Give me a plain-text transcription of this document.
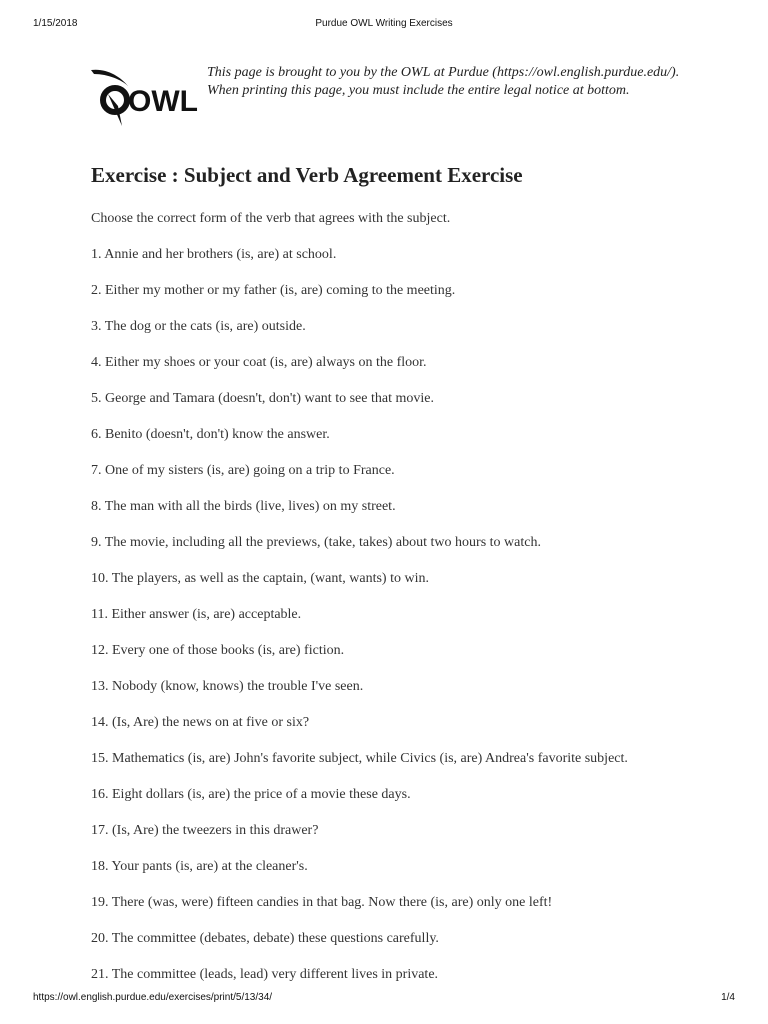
1/15/2018	Purdue OWL Writing Exercises
OWL
This page is brought to you by the OWL at Purdue (https://owl.english.purdue.edu/). When printing this page, you must include the entire legal notice at bottom.
Exercise : Subject and Verb Agreement Exercise

Choose the correct form of the verb that agrees with the subject.

1. Annie and her brothers (is, are) at school.
2. Either my mother or my father (is, are) coming to the meeting.
3. The dog or the cats (is, are) outside.
4. Either my shoes or your coat (is, are) always on the floor.
5. George and Tamara (doesn't, don't) want to see that movie.
6. Benito (doesn't, don't) know the answer.
7. One of my sisters (is, are) going on a trip to France.
8. The man with all the birds (live, lives) on my street.
9. The movie, including all the previews, (take, takes) about two hours to watch.
10. The players, as well as the captain, (want, wants) to win.
11. Either answer (is, are) acceptable.
12. Every one of those books (is, are) fiction.
13. Nobody (know, knows) the trouble I've seen.
14. (Is, Are) the news on at five or six?
15. Mathematics (is, are) John's favorite subject, while Civics (is, are) Andrea's favorite subject.
16. Eight dollars (is, are) the price of a movie these days.
17. (Is, Are) the tweezers in this drawer?
18. Your pants (is, are) at the cleaner's.
19. There (was, were) fifteen candies in that bag. Now there (is, are) only one left!
20. The committee (debates, debate) these questions carefully.
21. The committee (leads, lead) very different lives in private.
https://owl.english.purdue.edu/exercises/print/5/13/34/	1/4
